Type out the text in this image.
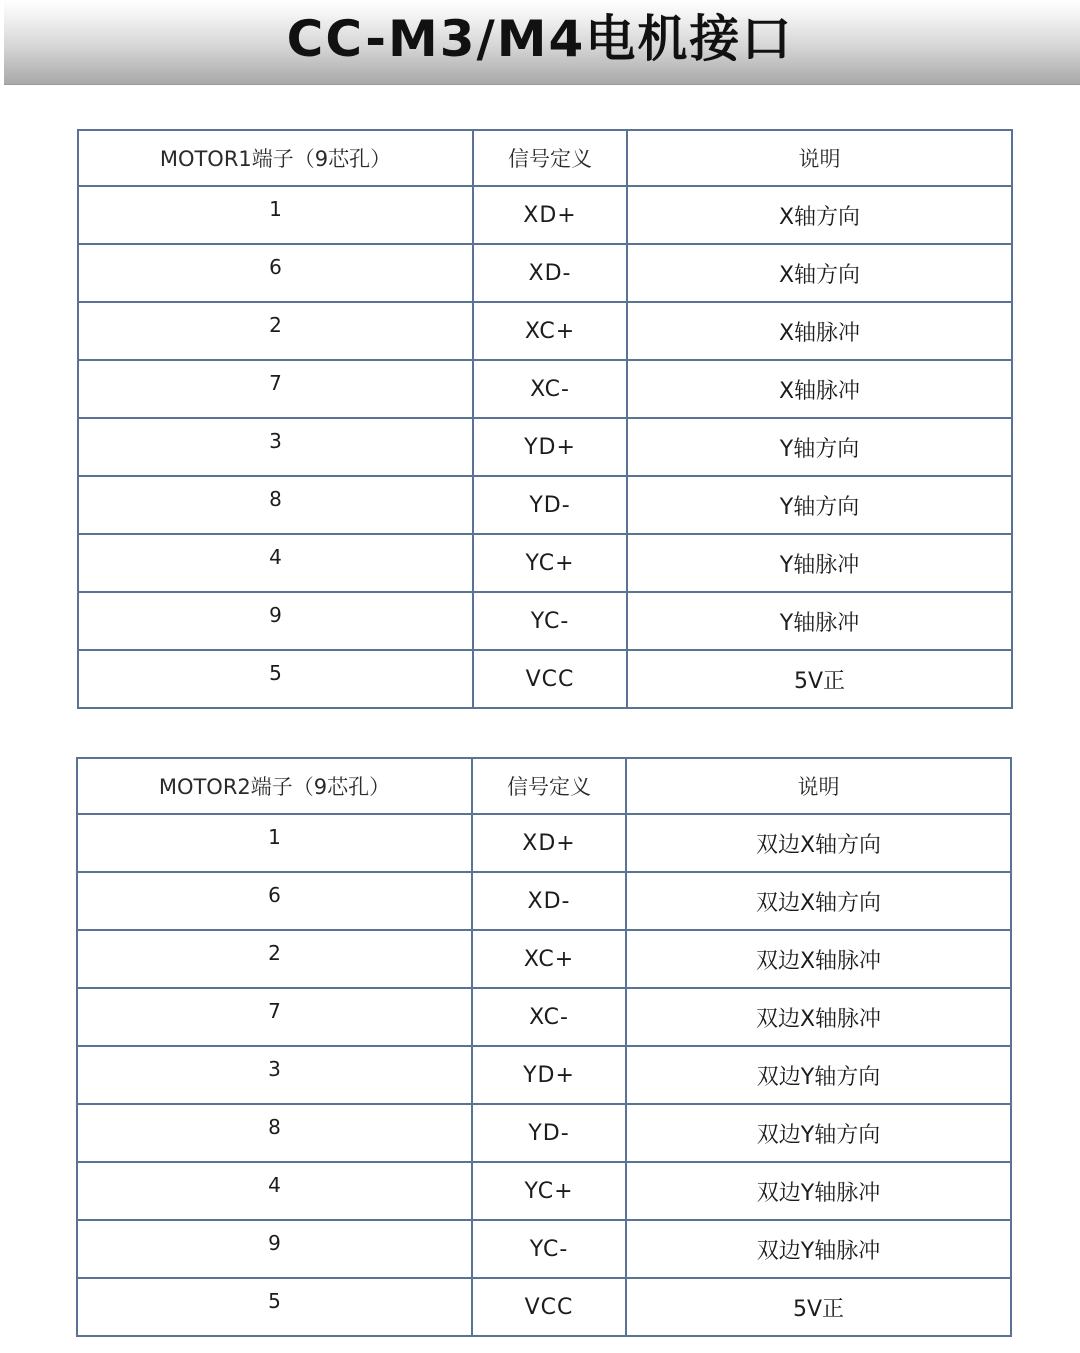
CC-M3/M4电机接口
MOTOR1端子（9芯孔）	信号定义	说明
1	XD+	X轴方向
6	XD-	X轴方向
2	XC+	X轴脉冲
7	XC-	X轴脉冲
3	YD+	Y轴方向
8	YD-	Y轴方向
4	YC+	Y轴脉冲
9	YC-	Y轴脉冲
5	VCC	5V正
MOTOR2端子（9芯孔）	信号定义	说明
1	XD+	双边X轴方向
6	XD-	双边X轴方向
2	XC+	双边X轴脉冲
7	XC-	双边X轴脉冲
3	YD+	双边Y轴方向
8	YD-	双边Y轴方向
4	YC+	双边Y轴脉冲
9	YC-	双边Y轴脉冲
5	VCC	5V正
